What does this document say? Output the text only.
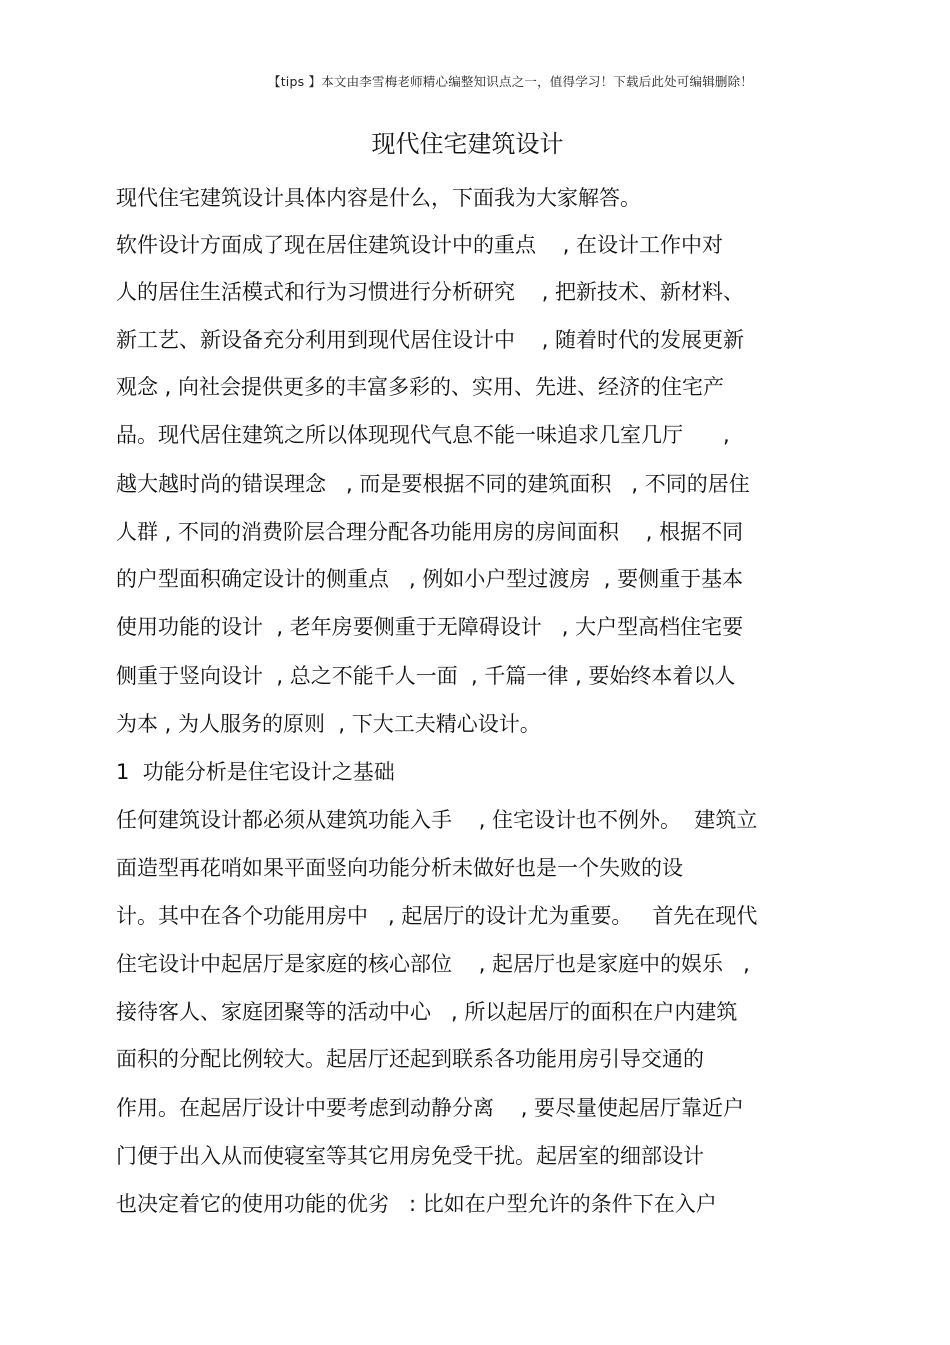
【tips 】本文由李雪梅老师精心编整知识点之一，值得学习！下载后此处可编辑删除！
现代住宅建筑设计
现代住宅建筑设计具体内容是什么，下面我为大家解答。
软件设计方面成了现在居住建筑设计中的重点    , 在设计工作中对
人的居住生活模式和行为习惯进行分析研究    , 把新技术、新材料、
新工艺、新设备充分利用到现代居住设计中    , 随着时代的发展更新
观念 , 向社会提供更多的丰富多彩的、实用、先进、经济的住宅产
品。现代居住建筑之所以体现现代气息不能一味追求几室几厅      ,
越大越时尚的错误理念   , 而是要根据不同的建筑面积   , 不同的居住
人群 , 不同的消费阶层合理分配各功能用房的房间面积    , 根据不同
的户型面积确定设计的侧重点   , 例如小户型过渡房  , 要侧重于基本
使用功能的设计  , 老年房要侧重于无障碍设计   , 大户型高档住宅要
侧重于竖向设计  , 总之不能千人一面  , 千篇一律 , 要始终本着以人
为本 , 为人服务的原则  , 下大工夫精心设计。
1  功能分析是住宅设计之基础
任何建筑设计都必须从建筑功能入手    , 住宅设计也不例外。  建筑立
面造型再花哨如果平面竖向功能分析未做好也是一个失败的设
计。其中在各个功能用房中   , 起居厅的设计尤为重要。   首先在现代
住宅设计中起居厅是家庭的核心部位    , 起居厅也是家庭中的娱乐   ,
接待客人、家庭团聚等的活动中心   , 所以起居厅的面积在户内建筑
面积的分配比例较大。起居厅还起到联系各功能用房引导交通的
作用。在起居厅设计中要考虑到动静分离    , 要尽量使起居厅靠近户
门便于出入从而使寝室等其它用房免受干扰。起居室的细部设计
也决定着它的使用功能的优劣   : 比如在户型允许的条件下在入户
